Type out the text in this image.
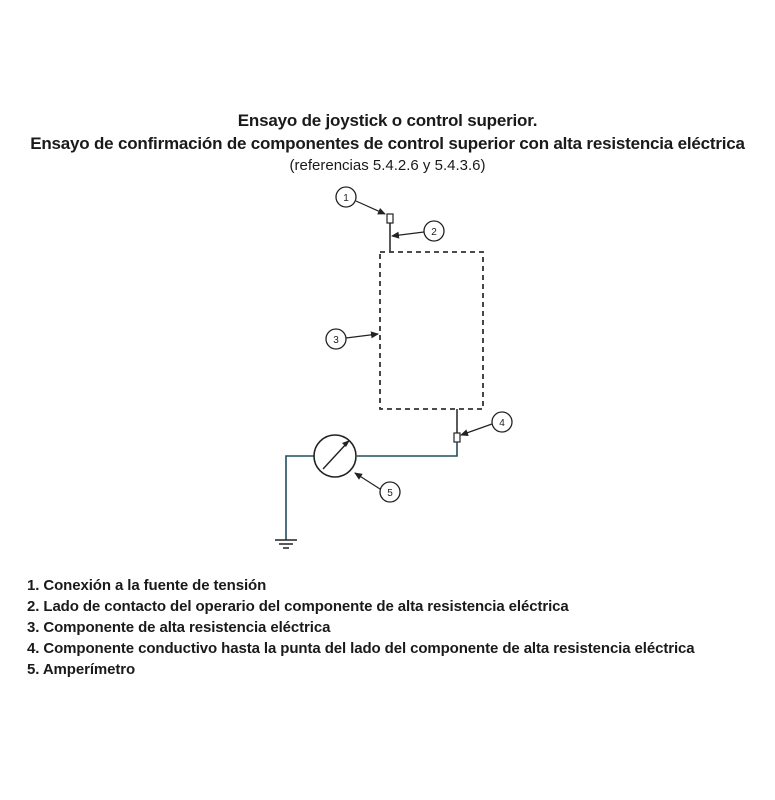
Ensayo de joystick o control superior.
Ensayo de confirmación de componentes de control superior con alta resistencia eléctrica
(referencias 5.4.2.6 y 5.4.3.6)
1
2
3
4
5
1. Conexión a la fuente de tensión
2. Lado de contacto del operario del componente de alta resistencia eléctrica
3. Componente de alta resistencia eléctrica
4. Componente conductivo hasta la punta del lado del componente de alta resistencia eléctrica
5. Amperímetro
